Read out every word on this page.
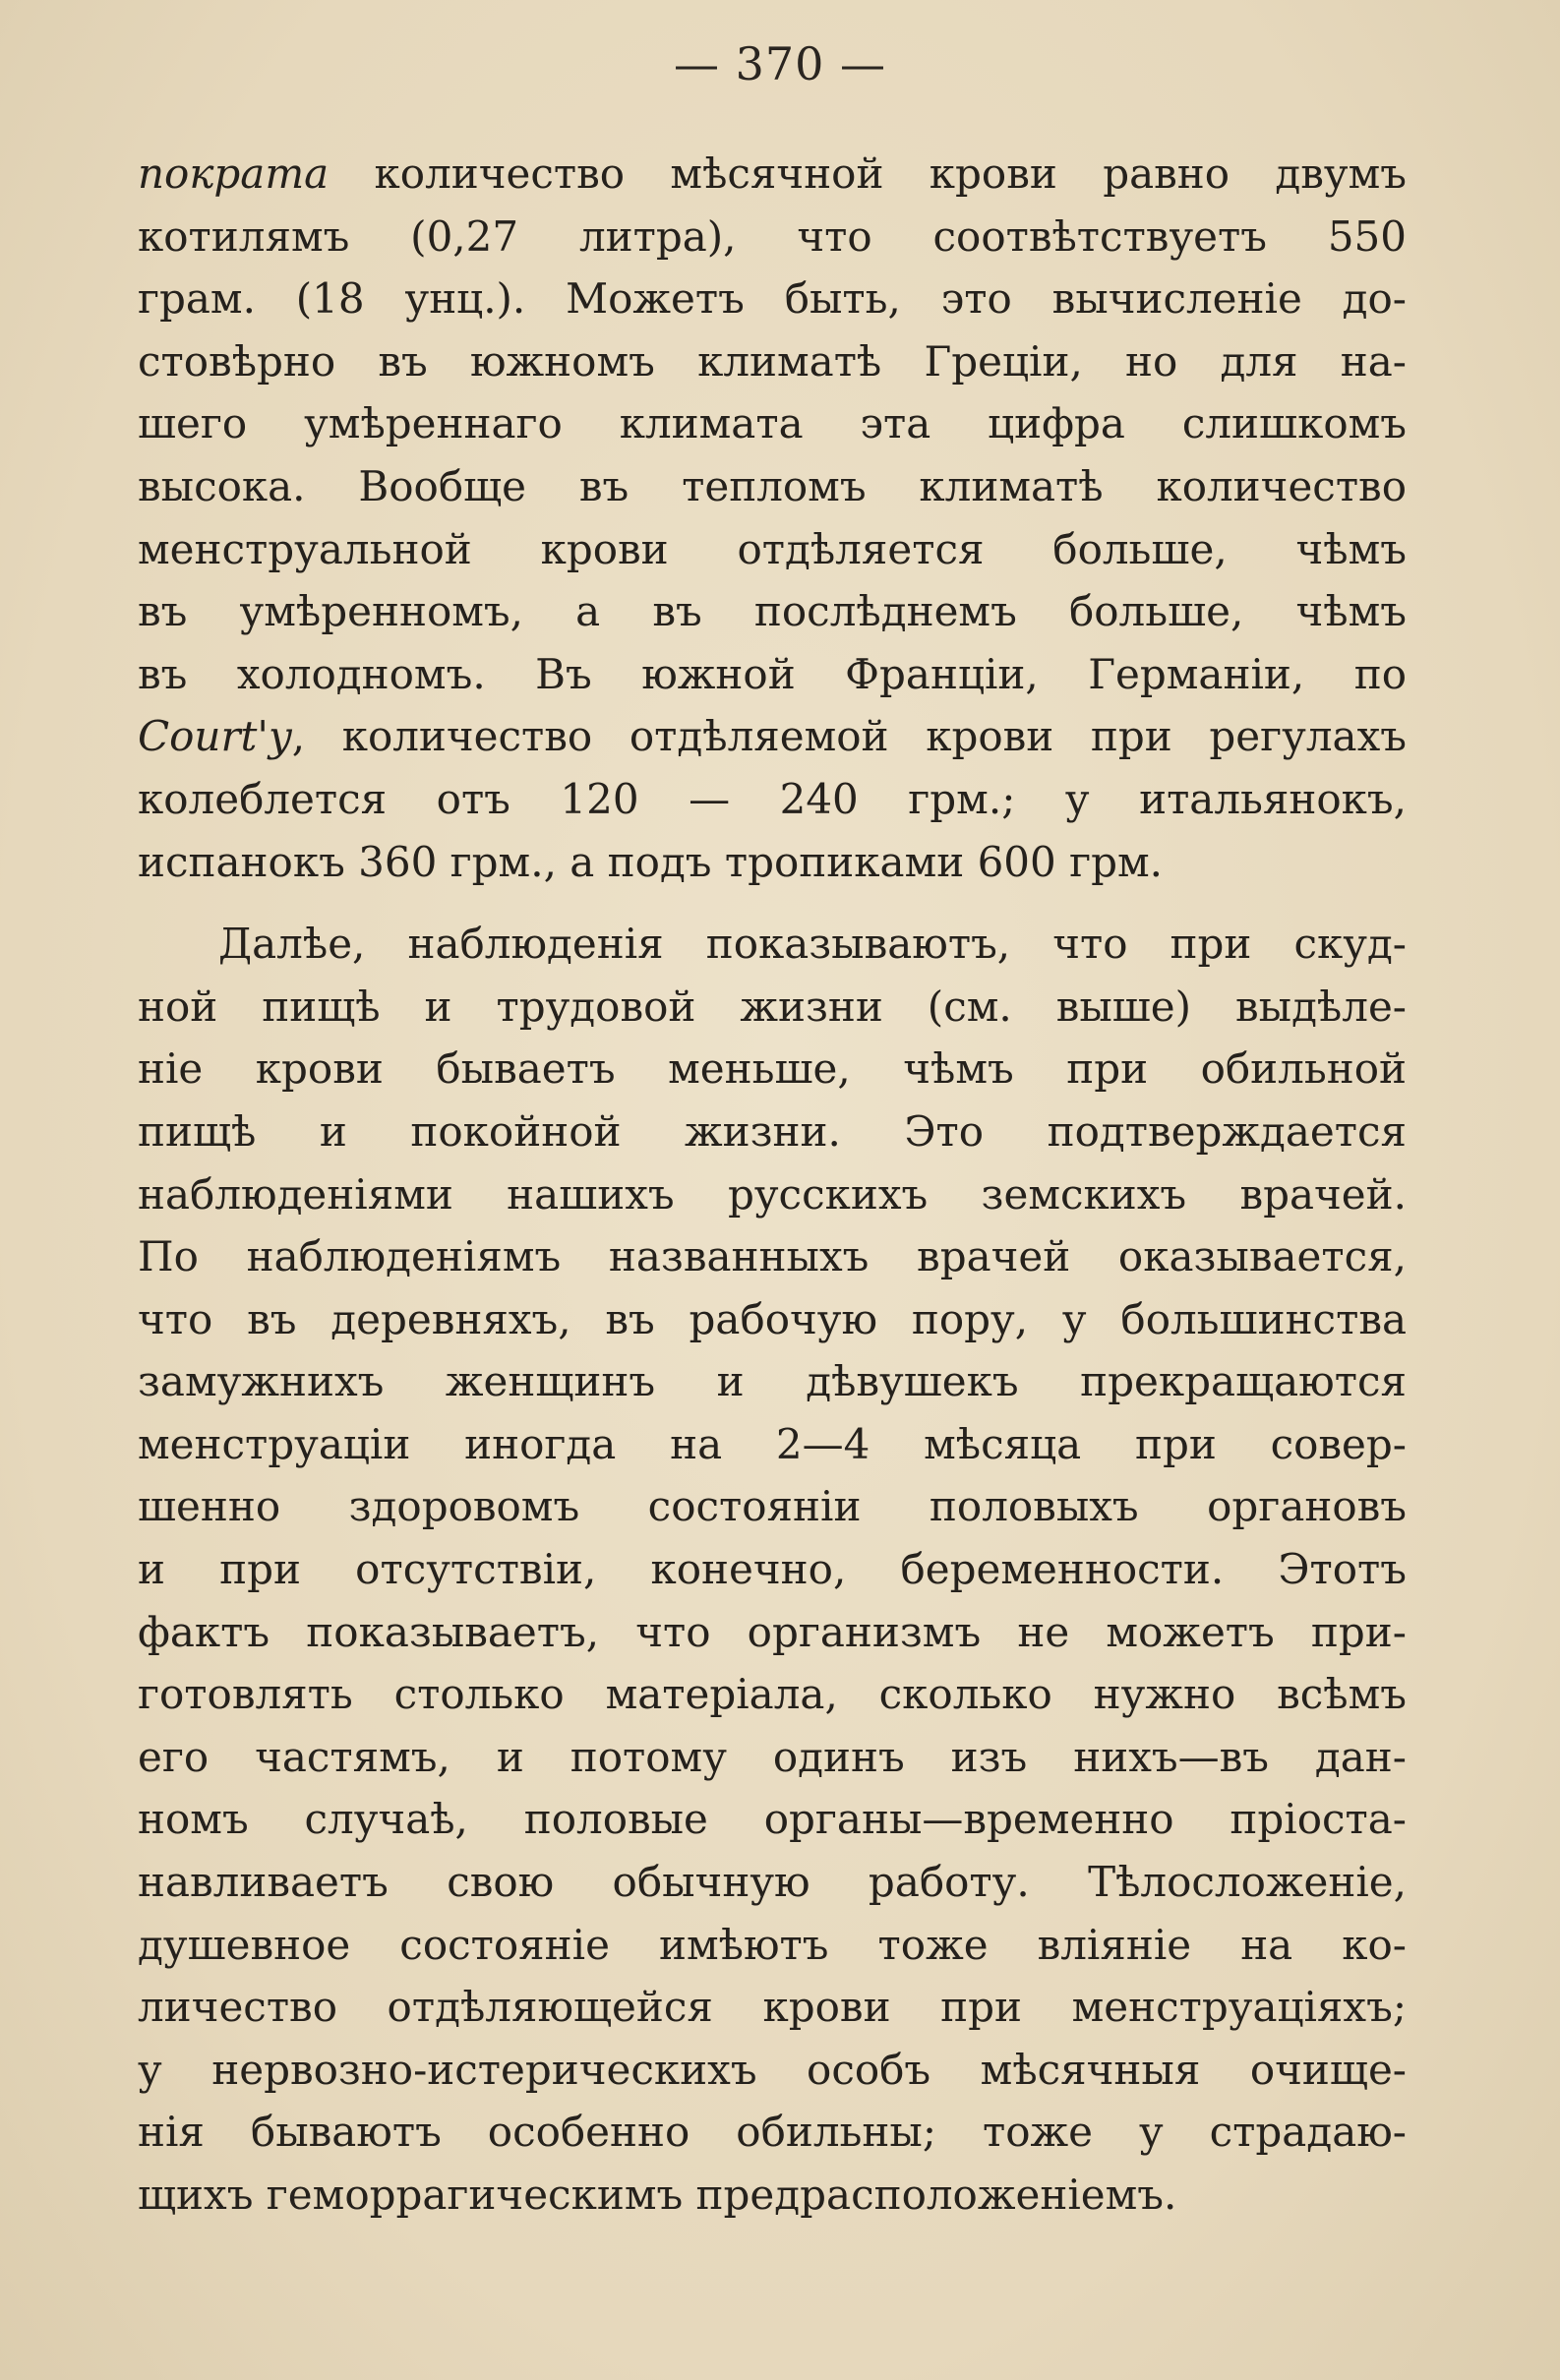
— 370 —
пократа количество мѣсячной крови равно двумъ
котилямъ (0,27 литра), что соотвѣтствуетъ 550
грам. (18 унц.). Можетъ быть, это вычисленіе до-
стовѣрно въ южномъ климатѣ Греціи, но для на-
шего умѣреннаго климата эта цифра слишкомъ
высока. Вообще въ тепломъ климатѣ количество
менструальной крови отдѣляется больше, чѣмъ
въ умѣренномъ, а въ послѣднемъ больше, чѣмъ
въ холодномъ. Въ южной Франціи, Германіи, по
Court'y, количество отдѣляемой крови при регулахъ
колеблется отъ 120 — 240 грм.; у итальянокъ,
испанокъ 360 грм., а подъ тропиками 600 грм.
Далѣе, наблюденія показываютъ, что при скуд-
ной пищѣ и трудовой жизни (см. выше) выдѣле-
ніе крови бываетъ меньше, чѣмъ при обильной
пищѣ и покойной жизни. Это подтверждается
наблюденіями нашихъ русскихъ земскихъ врачей.
По наблюденіямъ названныхъ врачей оказывается,
что въ деревняхъ, въ рабочую пору, у большинства
замужнихъ женщинъ и дѣвушекъ прекращаются
менструаціи иногда на 2—4 мѣсяца при совер-
шенно здоровомъ состояніи половыхъ органовъ
и при отсутствіи, конечно, беременности. Этотъ
фактъ показываетъ, что организмъ не можетъ при-
готовлять столько матеріала, сколько нужно всѣмъ
его частямъ, и потому одинъ изъ нихъ—въ дан-
номъ случаѣ, половые органы—временно пріоста-
навливаетъ свою обычную работу. Тѣлосложеніе,
душевное состояніе имѣютъ тоже вліяніе на ко-
личество отдѣляющейся крови при менструаціяхъ;
у нервозно-истерическихъ особъ мѣсячныя очище-
нія бываютъ особенно обильны; тоже у страдаю-
щихъ геморрагическимъ предрасположеніемъ.
